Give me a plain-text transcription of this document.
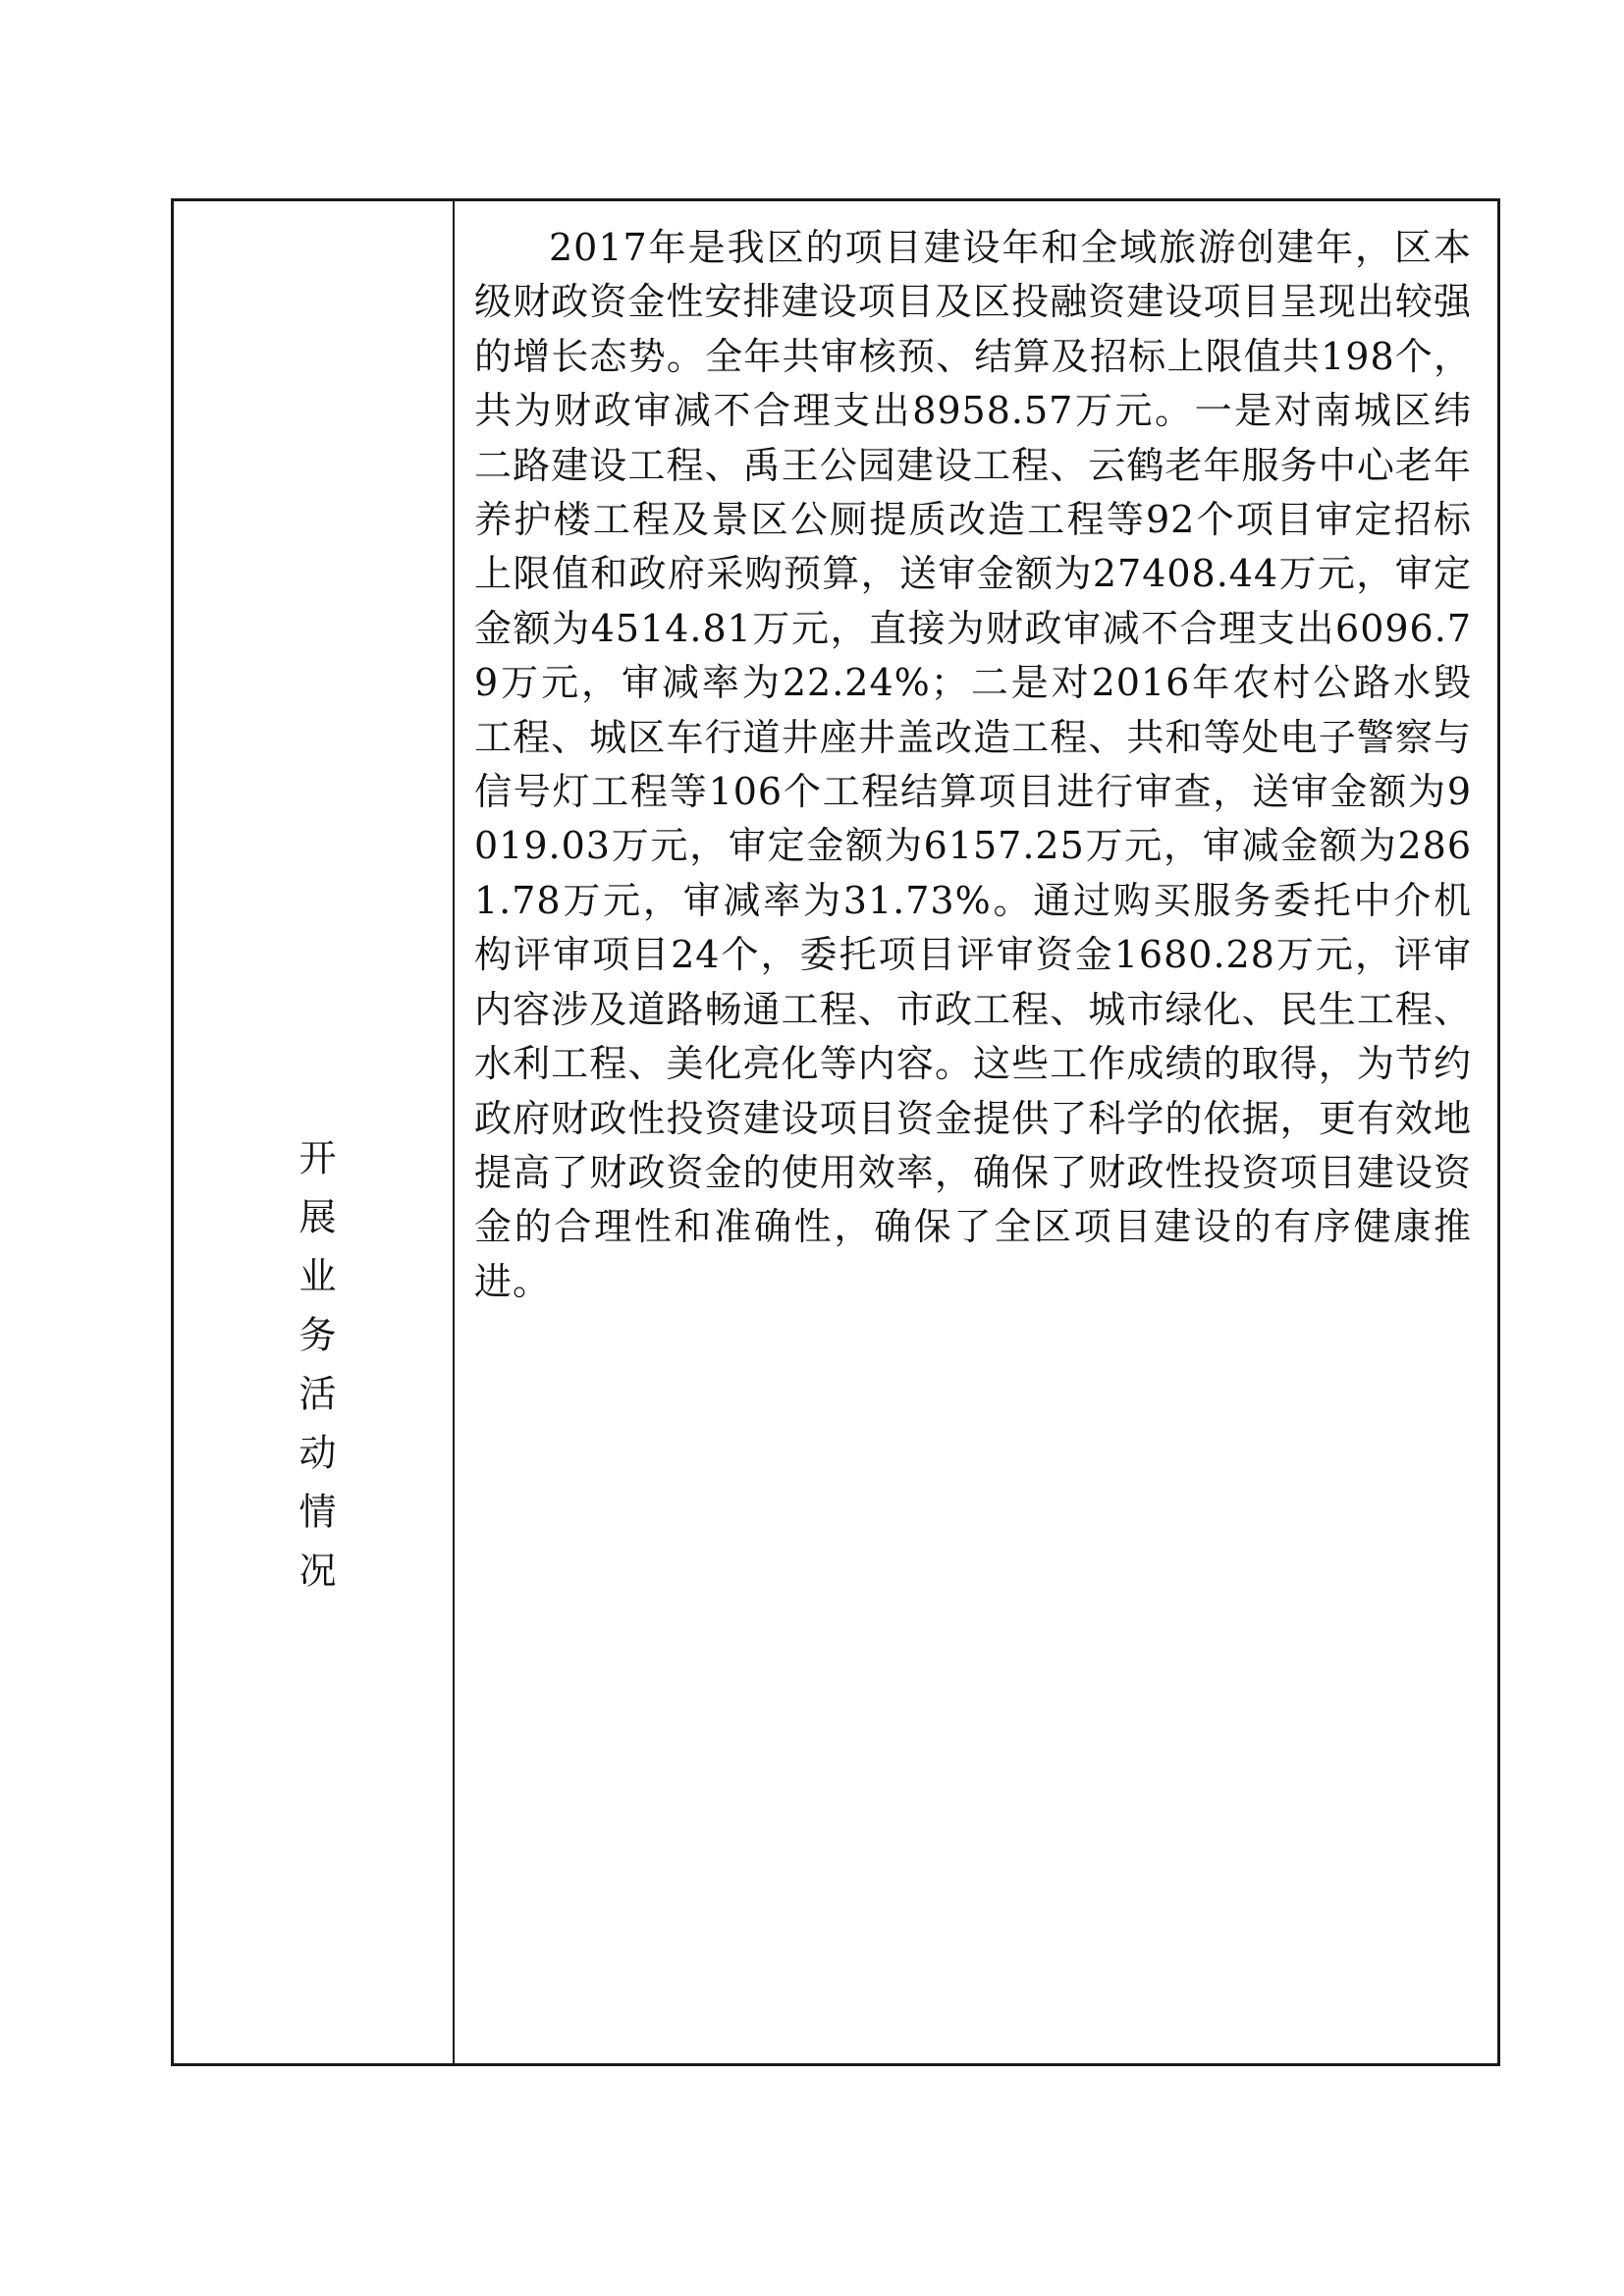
开展业务活动情况

2017年是我区的项目建设年和全域旅游创建年，区本级财政资金性安排建设项目及区投融资建设项目呈现出较强的增长态势。全年共审核预、结算及招标上限值共198个，共为财政审减不合理支出8958.57万元。一是对南城区纬二路建设工程、禹王公园建设工程、云鹤老年服务中心老年养护楼工程及景区公厕提质改造工程等92个项目审定招标上限值和政府采购预算，送审金额为27408.44万元，审定金额为4514.81万元，直接为财政审减不合理支出6096.79万元，审减率为22.24%；二是对2016年农村公路水毁工程、城区车行道井座井盖改造工程、共和等处电子警察与信号灯工程等106个工程结算项目进行审查，送审金额为9019.03万元，审定金额为6157.25万元，审减金额为2861.78万元，审减率为31.73%。通过购买服务委托中介机构评审项目24个，委托项目评审资金1680.28万元，评审内容涉及道路畅通工程、市政工程、城市绿化、民生工程、水利工程、美化亮化等内容。这些工作成绩的取得，为节约政府财政性投资建设项目资金提供了科学的依据，更有效地提高了财政资金的使用效率，确保了财政性投资项目建设资金的合理性和准确性，确保了全区项目建设的有序健康推进。
